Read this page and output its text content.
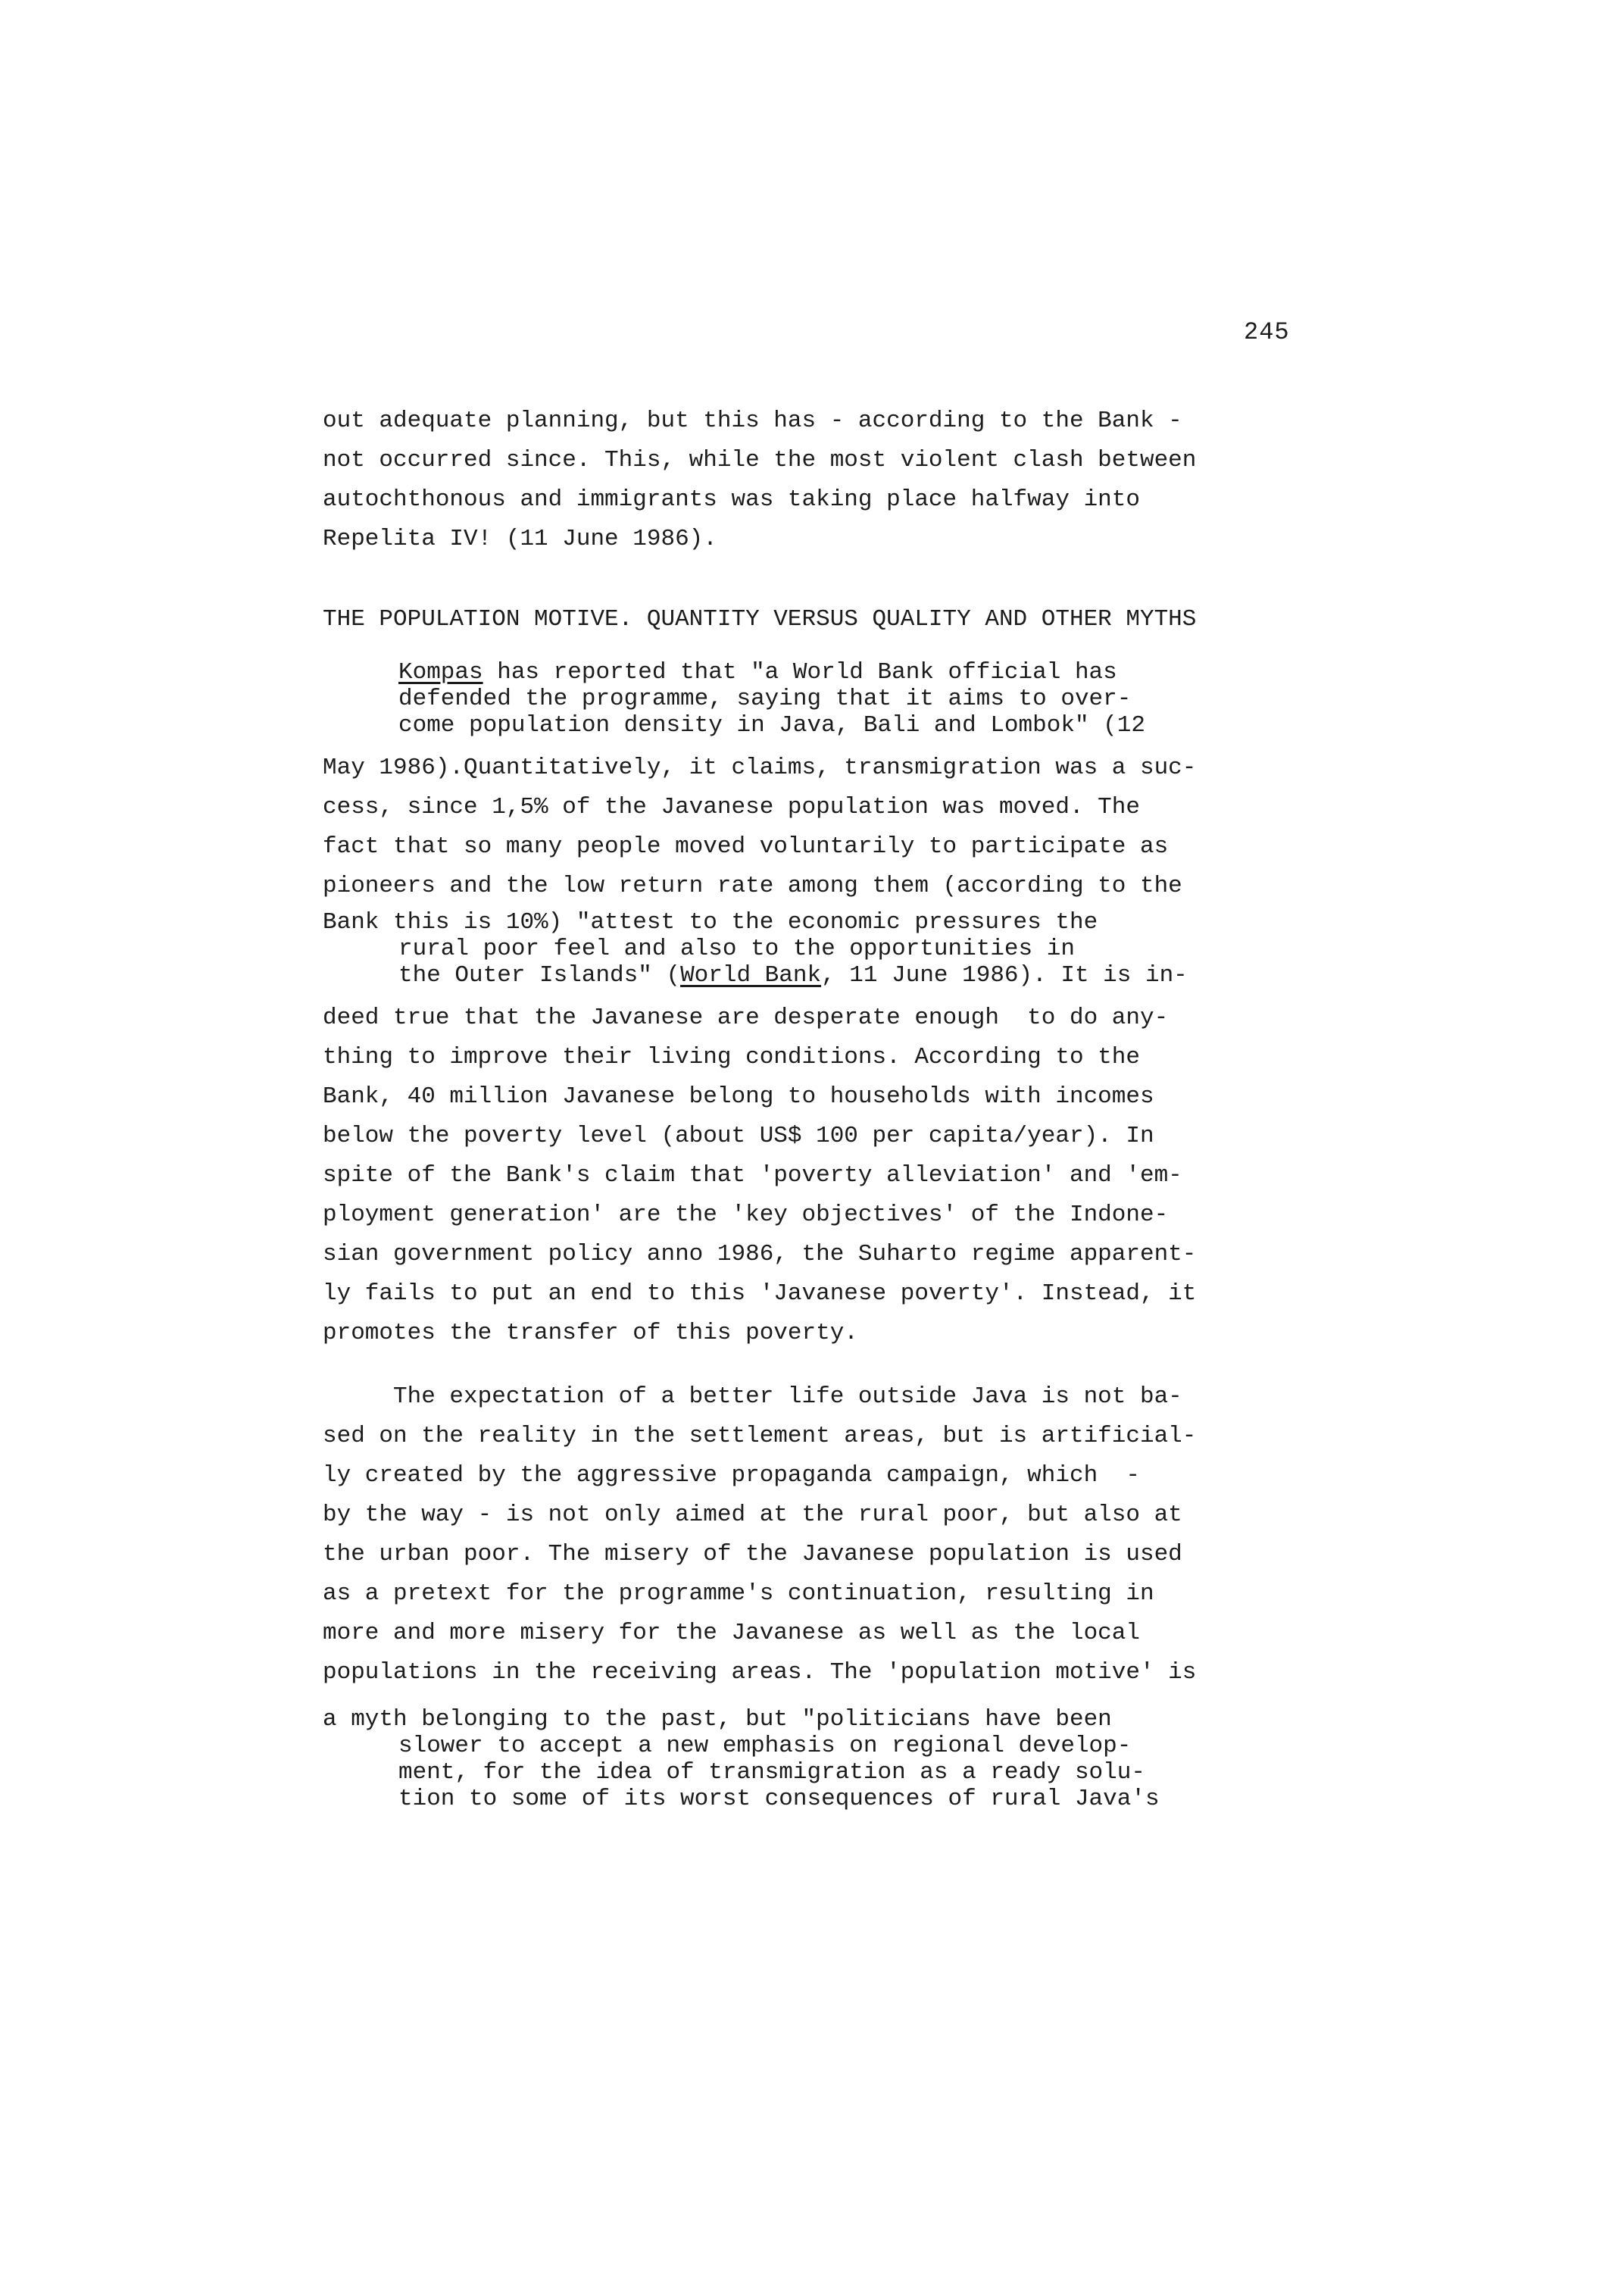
245
out adequate planning, but this has - according to the Bank -
not occurred since. This, while the most violent clash between
autochthonous and immigrants was taking place halfway into
Repelita IV! (11 June 1986).
THE POPULATION MOTIVE. QUANTITY VERSUS QUALITY AND OTHER MYTHS
Kompas has reported that "a World Bank official has
defended the programme, saying that it aims to over-
come population density in Java, Bali and Lombok" (12
May 1986).Quantitatively, it claims, transmigration was a suc-
cess, since 1,5% of the Javanese population was moved. The
fact that so many people moved voluntarily to participate as
pioneers and the low return rate among them (according to the
Bank this is 10%) "attest to the economic pressures the
rural poor feel and also to the opportunities in
the Outer Islands" (World Bank, 11 June 1986). It is in-
deed true that the Javanese are desperate enough  to do any-
thing to improve their living conditions. According to the
Bank, 40 million Javanese belong to households with incomes
below the poverty level (about US$ 100 per capita/year). In
spite of the Bank's claim that 'poverty alleviation' and 'em-
ployment generation' are the 'key objectives' of the Indone-
sian government policy anno 1986, the Suharto regime apparent-
ly fails to put an end to this 'Javanese poverty'. Instead, it
promotes the transfer of this poverty.
The expectation of a better life outside Java is not ba-
sed on the reality in the settlement areas, but is artificial-
ly created by the aggressive propaganda campaign, which  -
by the way - is not only aimed at the rural poor, but also at
the urban poor. The misery of the Javanese population is used
as a pretext for the programme's continuation, resulting in
more and more misery for the Javanese as well as the local
populations in the receiving areas. The 'population motive' is
a myth belonging to the past, but "politicians have been
slower to accept a new emphasis on regional develop-
ment, for the idea of transmigration as a ready solu-
tion to some of its worst consequences of rural Java's
